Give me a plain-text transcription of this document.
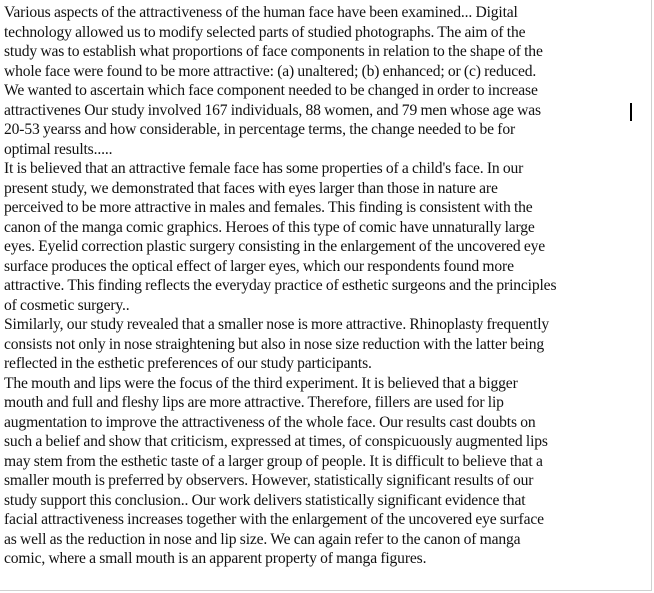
Various aspects of the attractiveness of the human face have been examined... Digital
technology allowed us to modify selected parts of studied photographs. The aim of the
study was to establish what proportions of face components in relation to the shape of the
whole face were found to be more attractive: (a) unaltered; (b) enhanced; or (c) reduced.
We wanted to ascertain which face component needed to be changed in order to increase
attractivenes Our study involved 167 individuals, 88 women, and 79 men whose age was
20-53 yearss and how considerable, in percentage terms, the change needed to be for
optimal results.....
It is believed that an attractive female face has some properties of a child's face. In our
present study, we demonstrated that faces with eyes larger than those in nature are
perceived to be more attractive in males and females. This finding is consistent with the
canon of the manga comic graphics. Heroes of this type of comic have unnaturally large
eyes. Eyelid correction plastic surgery consisting in the enlargement of the uncovered eye
surface produces the optical effect of larger eyes, which our respondents found more
attractive. This finding reflects the everyday practice of esthetic surgeons and the principles
of cosmetic surgery..
Similarly, our study revealed that a smaller nose is more attractive. Rhinoplasty frequently
consists not only in nose straightening but also in nose size reduction with the latter being
reflected in the esthetic preferences of our study participants.
The mouth and lips were the focus of the third experiment. It is believed that a bigger
mouth and full and fleshy lips are more attractive. Therefore, fillers are used for lip
augmentation to improve the attractiveness of the whole face. Our results cast doubts on
such a belief and show that criticism, expressed at times, of conspicuously augmented lips
may stem from the esthetic taste of a larger group of people. It is difficult to believe that a
smaller mouth is preferred by observers. However, statistically significant results of our
study support this conclusion.. Our work delivers statistically significant evidence that
facial attractiveness increases together with the enlargement of the uncovered eye surface
as well as the reduction in nose and lip size. We can again refer to the canon of manga
comic, where a small mouth is an apparent property of manga figures.
